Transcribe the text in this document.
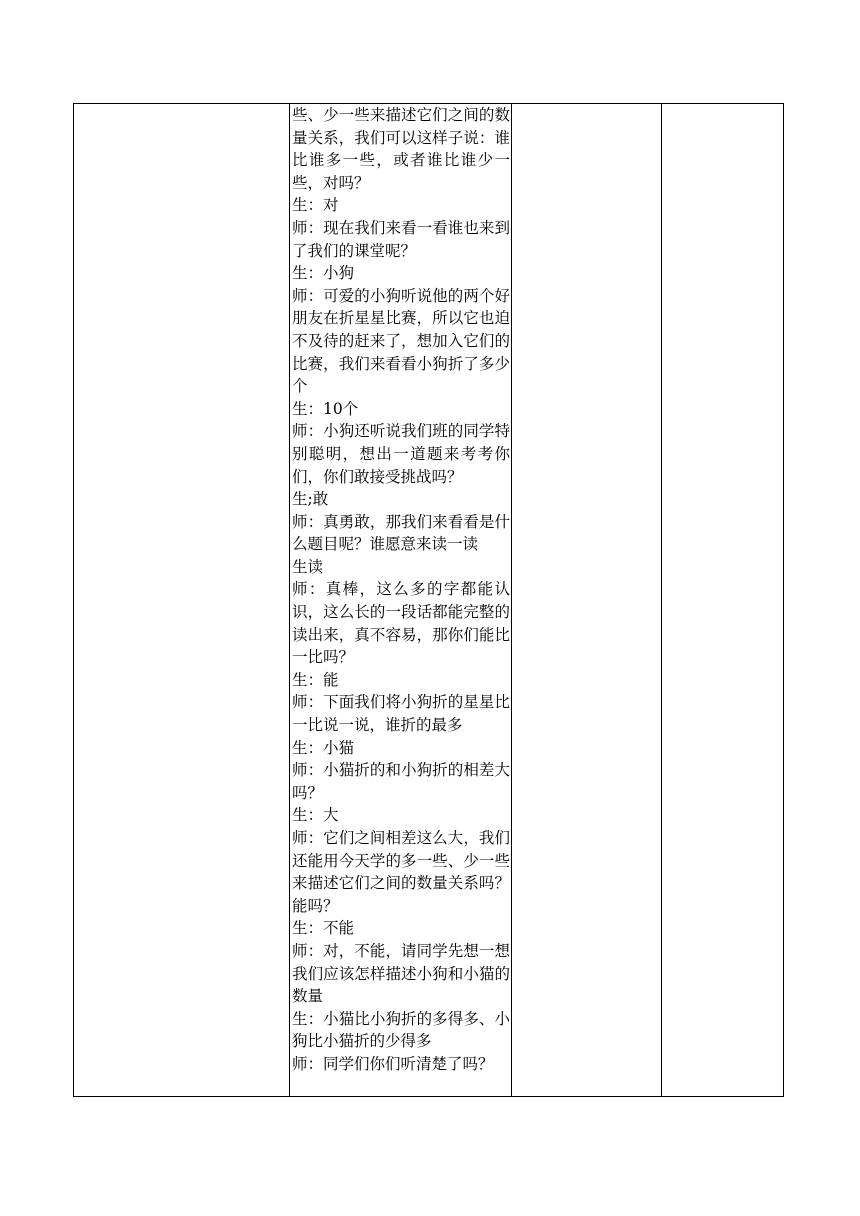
些、少一些来描述它们之间的数量关系，我们可以这样子说：谁比谁多一些，或者谁比谁少一些，对吗？
生：对
师：现在我们来看一看谁也来到了我们的课堂呢？
生：小狗
师：可爱的小狗听说他的两个好朋友在折星星比赛，所以它也迫不及待的赶来了，想加入它们的比赛，我们来看看小狗折了多少个
生：10个
师：小狗还听说我们班的同学特别聪明，想出一道题来考考你们，你们敢接受挑战吗？
生;敢
师：真勇敢，那我们来看看是什么题目呢？谁愿意来读一读
生读
师：真棒，这么多的字都能认识，这么长的一段话都能完整的读出来，真不容易，那你们能比一比吗？
生：能
师：下面我们将小狗折的星星比一比说一说，谁折的最多
生：小猫
师：小猫折的和小狗折的相差大吗？
生：大
师：它们之间相差这么大，我们还能用今天学的多一些、少一些来描述它们之间的数量关系吗？能吗？
生：不能
师：对，不能，请同学先想一想我们应该怎样描述小狗和小猫的数量
生：小猫比小狗折的多得多、小狗比小猫折的少得多
师：同学们你们听清楚了吗？
